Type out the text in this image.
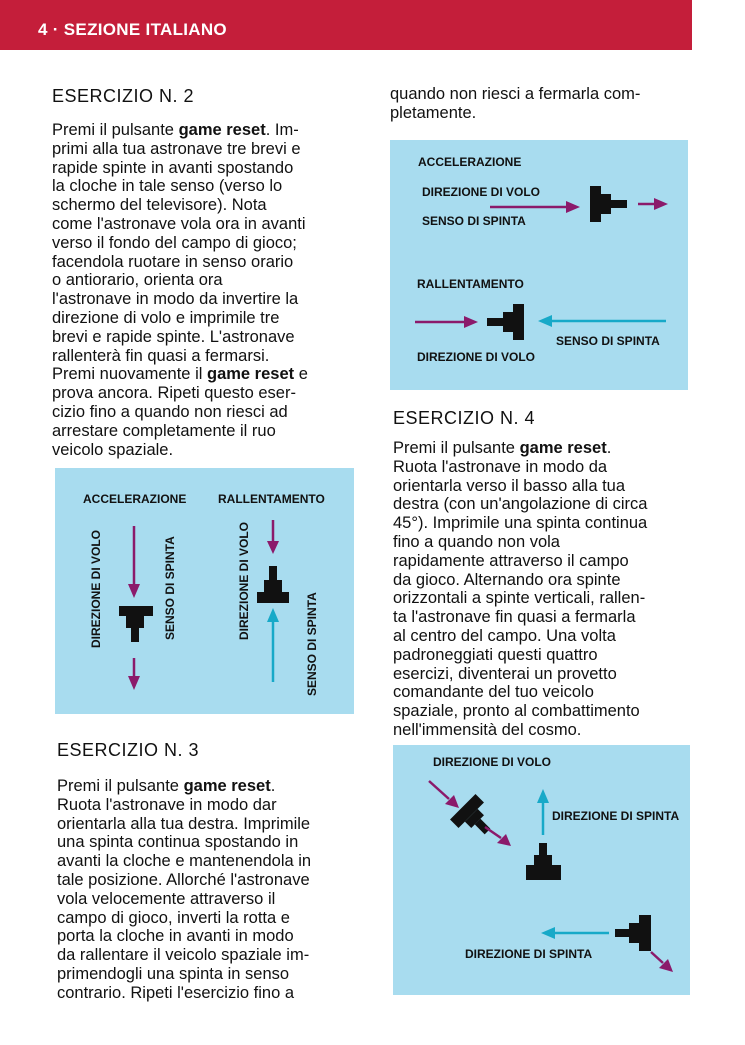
4 · SEZIONE ITALIANO
ESERCIZIO N. 2
Premi il pulsante game reset. Im-
primi alla tua astronave tre brevi e
rapide spinte in avanti spostando
la cloche in tale senso (verso lo
schermo del televisore). Nota
come l'astronave vola ora in avanti
verso il fondo del campo di gioco;
facendola ruotare in senso orario
o antiorario, orienta ora
l'astronave in modo da invertire la
direzione di volo e imprimile tre
brevi e rapide spinte. L'astronave
rallenterà fin quasi a fermarsi.
Premi nuovamente il game reset e
prova ancora. Ripeti questo eser-
cizio fino a quando non riesci ad
arrestare completamente il ruo
veicolo spaziale.
ACCELERAZIONE	RALLENTAMENTO
DIREZIONE DI VOLO	SENSO DI SPINTA	DIREZIONE DI VOLO
SENSO DI SPINTA
ESERCIZIO N. 3
Premi il pulsante game reset.
Ruota l'astronave in modo dar
orientarla alla tua destra. Imprimile
una spinta continua spostando in
avanti la cloche e mantenendola in
tale posizione. Allorché l'astronave
vola velocemente attraverso il
campo di gioco, inverti la rotta e
porta la cloche in avanti in modo
da rallentare il veicolo spaziale im-
primendogli una spinta in senso
contrario. Ripeti l'esercizio fino a
quando non riesci a fermarla com-
pletamente.
ACCELERAZIONE
DIREZIONE DI VOLO
SENSO DI SPINTA
RALLENTAMENTO
SENSO DI SPINTA
DIREZIONE DI VOLO
ESERCIZIO N. 4
Premi il pulsante game reset.
Ruota l'astronave in modo da
orientarla verso il basso alla tua
destra (con un'angolazione di circa
45°). Imprimile una spinta continua
fino a quando non vola
rapidamente attraverso il campo
da gioco. Alternando ora spinte
orizzontali a spinte verticali, rallen-
ta l'astronave fin quasi a fermarla
al centro del campo. Una volta
padroneggiati questi quattro
esercizi, diventerai un provetto
comandante del tuo veicolo
spaziale, pronto al combattimento
nell'immensità del cosmo.
DIREZIONE DI VOLO
DIREZIONE DI SPINTA
DIREZIONE DI SPINTA
